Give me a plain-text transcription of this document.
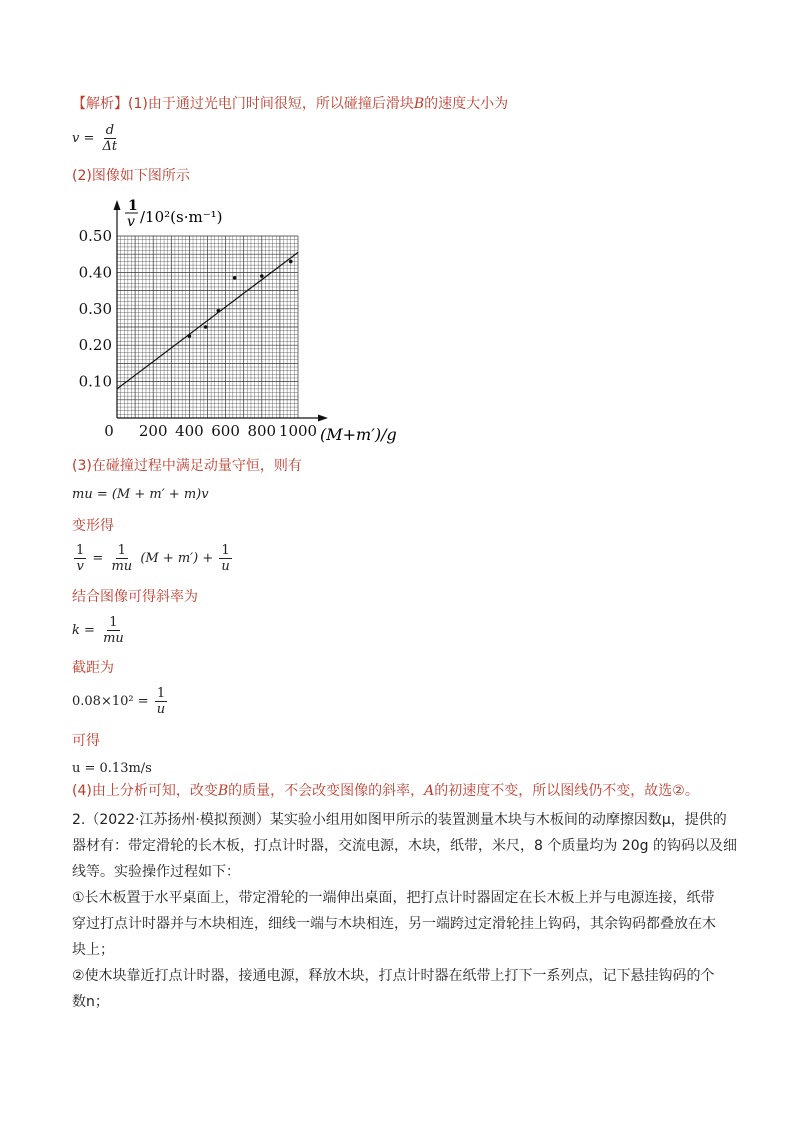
【解析】(1)由于通过光电门时间很短，所以碰撞后滑块B的速度大小为
$v = \frac{d}{\Delta t}$
(2)图像如下图所示
0 200 400 600 800 1000
0.10
0.20
0.30
0.40
0.50
1
v /10²(s·m⁻¹)
(M+m′)/g
(3)在碰撞过程中满足动量守恒，则有
mu = (M + m′ + m)v
变形得
$\frac{1}{v} = \frac{1}{mu} (M + m') + \frac{1}{u}$
结合图像可得斜率为
$k = \frac{1}{mu}$
截距为
$0.08\times 10^2 = \frac{1}{u}$
可得
u = 0.13m/s
(4)由上分析可知，改变B的质量，不会改变图像的斜率，A的初速度不变，所以图线仍不变，故选②。
2.（2022·江苏扬州·模拟预测）某实验小组用如图甲所示的装置测量木块与木板间的动摩擦因数μ，提供的
器材有：带定滑轮的长木板，打点计时器，交流电源，木块，纸带，米尺，8 个质量均为 20g 的钩码以及细
线等。实验操作过程如下：
①长木板置于水平桌面上，带定滑轮的一端伸出桌面，把打点计时器固定在长木板上并与电源连接，纸带
穿过打点计时器并与木块相连，细线一端与木块相连，另一端跨过定滑轮挂上钩码，其余钩码都叠放在木
块上；
②使木块靠近打点计时器，接通电源，释放木块，打点计时器在纸带上打下一系列点，记下悬挂钩码的个
数n；
